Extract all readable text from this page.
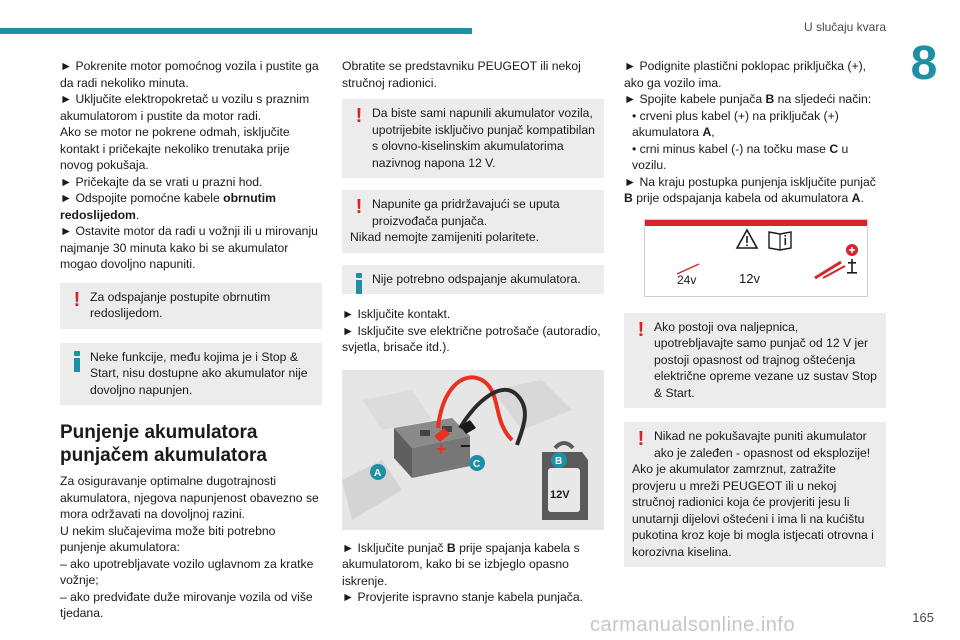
U slučaju kvara
8
165
carmanualsonline.info

► Pokrenite motor pomoćnog vozila i pustite ga da radi nekoliko minuta.

► Uključite elektropokretač u vozilu s praznim akumulatorom i pustite da motor radi.

Ako se motor ne pokrene odmah, isključite kontakt i pričekajte nekoliko trenutaka prije novog pokušaja.

► Pričekajte da se vrati u prazni hod.

► Odspojite pomoćne kabele obrnutim redoslijedom.

► Ostavite motor da radi u vožnji ili u mirovanju najmanje 30 minuta kako bi se akumulator mogao dovoljno napuniti.

! Za odspajanje postupite obrnutim redoslijedom.

Neke funkcije, među kojima je i Stop & Start, nisu dostupne ako akumulator nije dovoljno napunjen.

Punjenje akumulatora punjačem akumulatora

Za osiguravanje optimalne dugotrajnosti akumulatora, njegova napunjenost obavezno se mora održavati na dovoljnoj razini.

U nekim slučajevima može biti potrebno punjenje akumulatora:

– ako upotrebljavate vozilo uglavnom za kratke vožnje;

– ako predviđate duže mirovanje vozila od više tjedana.

Obratite se predstavniku PEUGEOT ili nekoj stručnoj radionici.

! Da biste sami napunili akumulator vozila, upotrijebite isključivo punjač kompatibilan s olovno-kiselinskim akumulatorima nazivnog napona 12 V.

! Napunite ga pridržavajući se uputa proizvođača punjača.

Nikad nemojte zamijeniti polaritete.

Nije potrebno odspajanje akumulatora.

► Isključite kontakt.

► Isključite sve električne potrošače (autoradio, svjetla, brisače itd.).

+ −
12V
A
C	B

► Isključite punjač B prije spajanja kabela s akumulatorom, kako bi se izbjeglo opasno iskrenje.

► Provjerite ispravno stanje kabela punjača.

► Podignite plastični poklopac priključka (+), ako ga vozilo ima.

► Spojite kabele punjača B na sljedeći način:

• crveni plus kabel (+) na priključak (+) akumulatora A,

• crni minus kabel (-) na točku mase C u vozilu.

► Na kraju postupka punjenja isključite punjač B prije odspajanja kabela od akumulatora A.

24v	12v
! Ako postoji ova naljepnica, upotrebljavajte samo punjač od 12 V jer postoji opasnost od trajnog oštećenja električne opreme vezane uz sustav Stop & Start.

! Nikad ne pokušavajte puniti akumulator ako je zaleđen - opasnost od eksplozije!

Ako je akumulator zamrznut, zatražite provjeru u mreži PEUGEOT ili u nekoj stručnoj radionici koja će provjeriti jesu li unutarnji dijelovi oštećeni i ima li na kućištu pukotina kroz koje bi mogla istjecati otrovna i korozivna kiselina.
